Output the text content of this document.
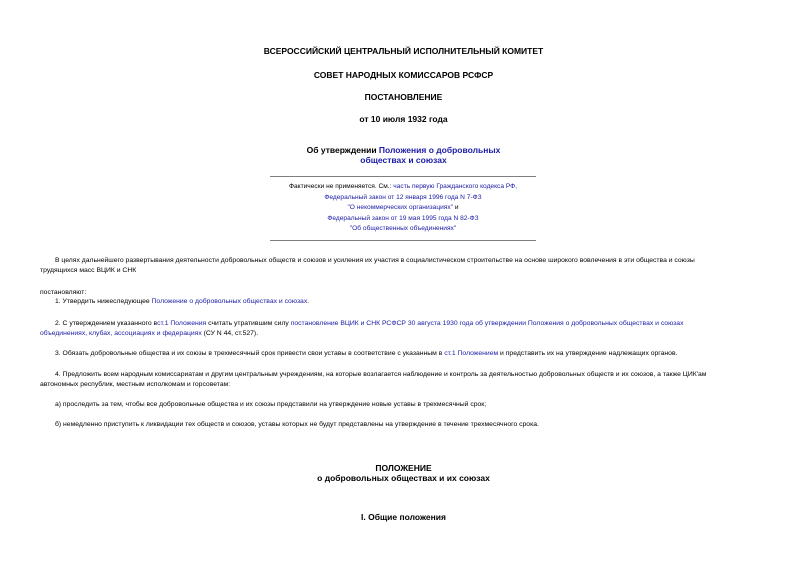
ВСЕРОССИЙСКИЙ ЦЕНТРАЛЬНЫЙ ИСПОЛНИТЕЛЬНЫЙ КОМИТЕТ
СОВЕТ НАРОДНЫХ КОМИССАРОВ РСФСР
ПОСТАНОВЛЕНИЕ
от 10 июля 1932 года
Об утверждении Положения о добровольных
обществах и союзах
Фактически не применяется. См.: часть первую Гражданского кодекса РФ,
Федеральный закон от 12 января 1996 года N 7-ФЗ
"О некоммерческих организациях" и
Федеральный закон от 19 мая 1995 года N 82-ФЗ
"Об общественных объединениях"
В целях дальнейшего развертывания деятельности добровольных обществ и союзов и усиления их участия в социалистическом строительстве на основе широкого вовлечения в эти общества и союзы
трудящихся масс ВЦИК и СНК
постановляют:
1. Утвердить нижеследующее Положение о добровольных обществах и союзах.
2. С утверждением указанного вст.1 Положения считать утратившим силу постановление ВЦИК и СНК РСФСР 30 августа 1930 года об утверждении Положения о добровольных обществах и союзах
объединениях, клубах, ассоциациях и федерациях (СУ N 44, ст.527).
3. Обязать добровольные общества и их союзы в трехмесячный срок привести свои уставы в соответствие с указанным в ст.1 Положением и представить их на утверждение надлежащих органов.
4. Предложить всем народным комиссариатам и другим центральным учреждениям, на которые возлагается наблюдение и контроль за деятельностью добровольных обществ и их союзов, а также ЦИК'ам
автономных республик, местным исполкомам и горсоветам:
а) проследить за тем, чтобы все добровольные общества и их союзы представили на утверждение новые уставы в трехмесячный срок;
б) немедленно приступить к ликвидации тех обществ и союзов, уставы которых не будут представлены на утверждение в течение трехмесячного срока.
ПОЛОЖЕНИЕ
о добровольных обществах и их союзах
I. Общие положения
